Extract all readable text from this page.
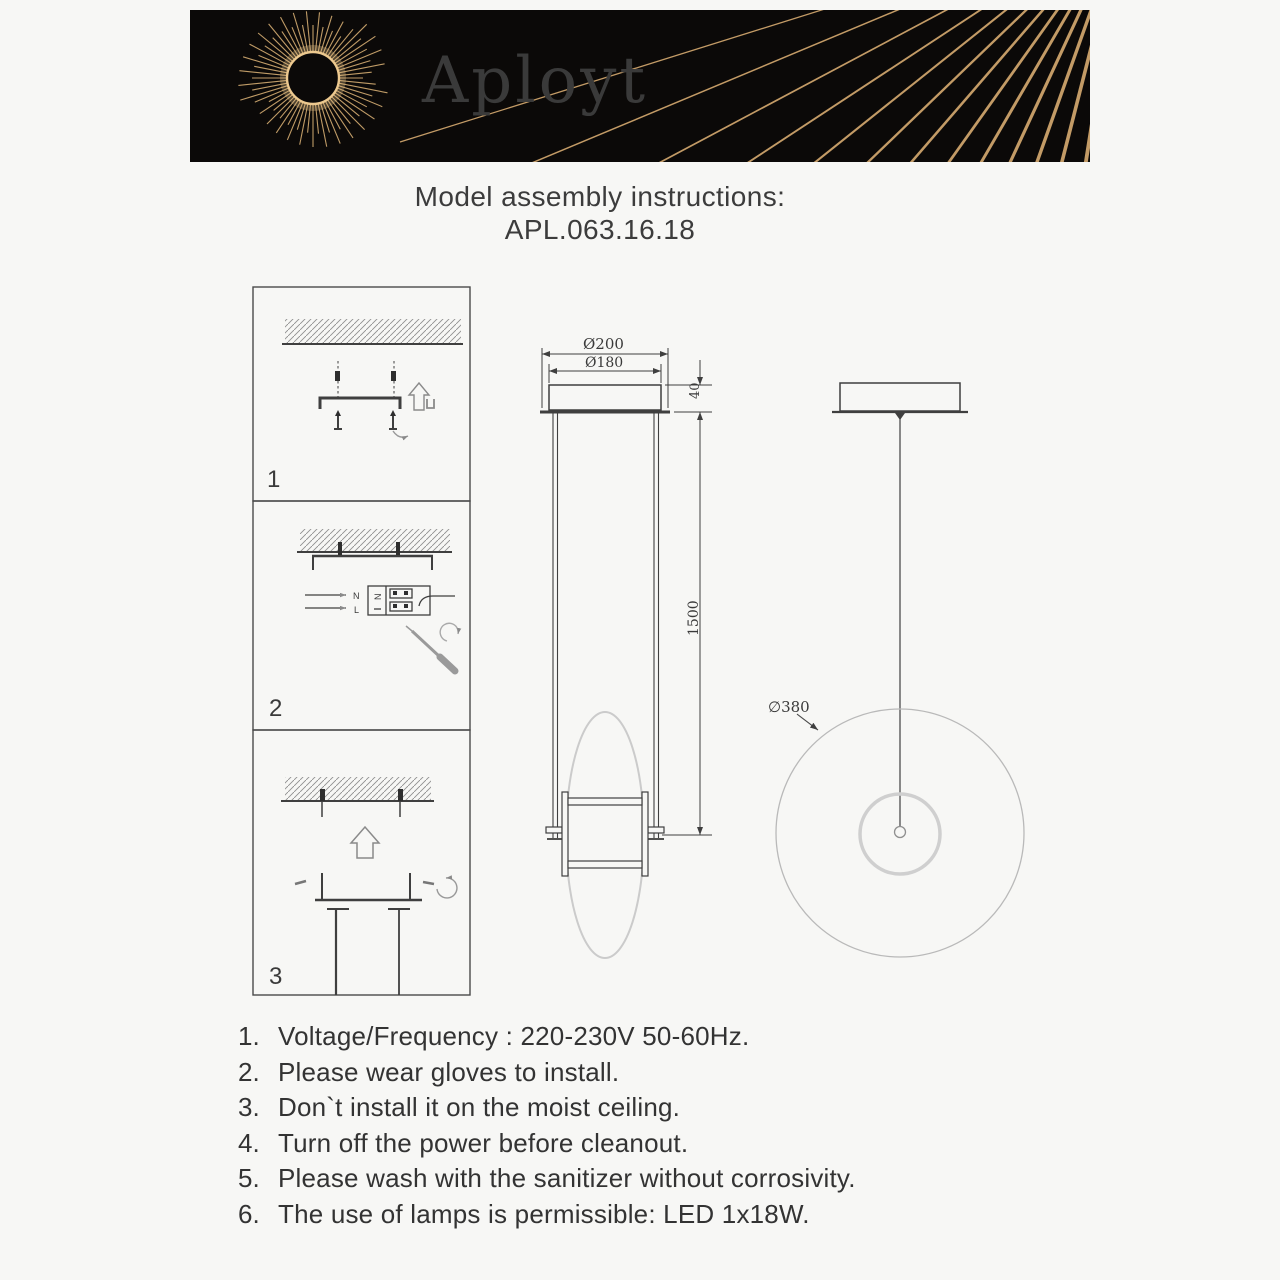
Aployt
Model assembly instructions:
APL.063.16.18
1
2
3
N
L
N
Ø200
Ø180
40
1500
∅380
1. Voltage/Frequency : 220-230V 50-60Hz.
2. Please wear gloves to install.
3. Don`t install it on the moist ceiling.
4. Turn off the power before cleanout.
5. Please wash with the sanitizer without corrosivity.
6. The use of lamps is permissible: LED 1x18W.
